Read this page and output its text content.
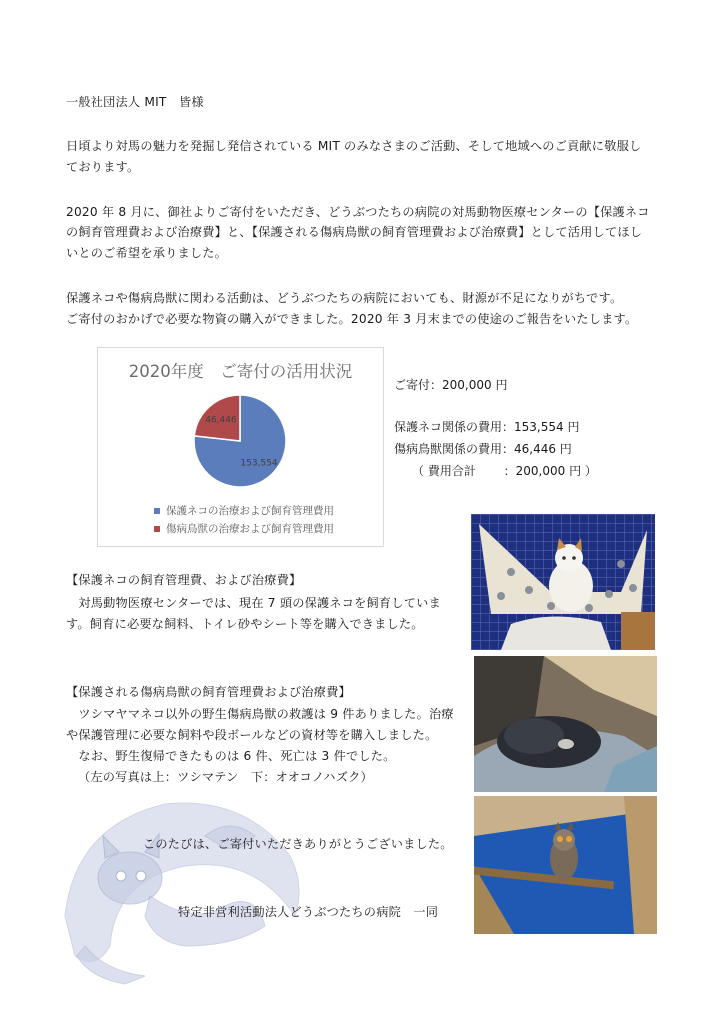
一般社団法人 MIT　皆様
日頃より対馬の魅力を発掘し発信されている MIT のみなさまのご活動、そして地域へのご貢献に敬服し
ております。
2020 年 8 月に、御社よりご寄付をいただき、どうぶつたちの病院の対馬動物医療センターの【保護ネコ
の飼育管理費および治療費】と、【保護される傷病鳥獣の飼育管理費および治療費】として活用してほし
いとのご希望を承りました。
保護ネコや傷病鳥獣に関わる活動は、どうぶつたちの病院においても、財源が不足になりがちです。
ご寄付のおかげで必要な物資の購入ができました。2020 年 3 月末までの使途のご報告をいたします。
2020年度　ご寄付の活用状況
153,554
46,446
保護ネコの治療および飼育管理費用
傷病鳥獣の治療および飼育管理費用
ご寄付：200,000 円
保護ネコ関係の費用：153,554 円
傷病鳥獣関係の費用：46,446 円
（ 費用合計　　 ：200,000 円 ）
【保護ネコの飼育管理費、および治療費】
　対馬動物医療センターでは、現在 7 頭の保護ネコを飼育していま
す。飼育に必要な飼料、トイレ砂やシート等を購入できました。
【保護される傷病鳥獣の飼育管理費および治療費】
　ツシマヤマネコ以外の野生傷病鳥獣の救護は 9 件ありました。治療
や保護管理に必要な飼料や段ボールなどの資材等を購入しました。
　なお、野生復帰できたものは 6 件、死亡は 3 件でした。
（左の写真は上：ツシマテン　下：オオコノハズク）
このたびは、ご寄付いただきありがとうございました。
特定非営利活動法人どうぶつたちの病院　一同
